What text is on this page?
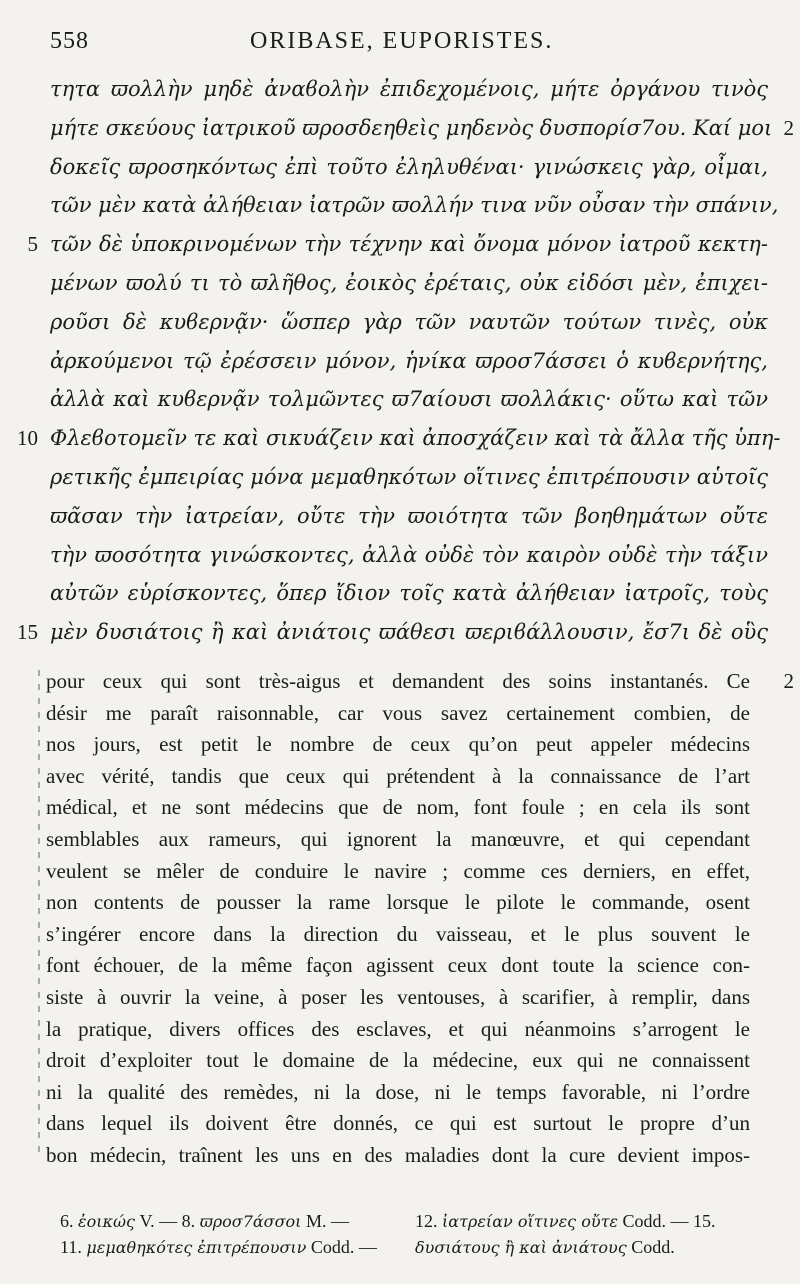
558	ORIBASE, EUPORISTES.
τητα ϖολλὴν μηδὲ ἀναϐολὴν ἐπιδεχομένοις, μήτε ὀργάνου τινὸς
μήτε σκεύους ἰατρικοῦ ϖροσδεηθεὶς μηδενὸς δυσπορίσ7ου. Καί μοι 2
δοκεῖς ϖροσηκόντως ἐπὶ τοῦτο ἐληλυθέναι· γινώσκεις γὰρ, οἶμαι,
τῶν μὲν κατὰ ἀλήθειαν ἰατρῶν ϖολλήν τινα νῦν οὖσαν τὴν σπάνιν,
5 τῶν δὲ ὑποκρινομένων τὴν τέχνην καὶ ὄνομα μόνον ἰατροῦ κεκτη-
μένων ϖολύ τι τὸ ϖλῆθος, ἐοικὸς ἐρέταις, οὐκ εἰδόσι μὲν, ἐπιχει-
ροῦσι δὲ κυϐερνᾷν· ὥσπερ γὰρ τῶν ναυτῶν τούτων τινὲς, οὐκ
ἀρκούμενοι τῷ ἐρέσσειν μόνον, ἡνίκα ϖροσ7άσσει ὁ κυϐερνήτης,
ἀλλὰ καὶ κυϐερνᾷν τολμῶντες ϖ7αίουσι ϖολλάκις· οὕτω καὶ τῶν
10 Φλεϐοτομεῖν τε καὶ σικυάζειν καὶ ἀποσχάζειν καὶ τὰ ἄλλα τῆς ὑπη-
ρετικῆς ἐμπειρίας μόνα μεμαθηκότων οἵτινες ἐπιτρέπουσιν αὑτοῖς
ϖᾶσαν τὴν ἰατρείαν, οὔτε τὴν ϖοιότητα τῶν βοηθημάτων οὔτε
τὴν ϖοσότητα γινώσκοντες, ἀλλὰ οὐδὲ τὸν καιρὸν οὐδὲ τὴν τάξιν
αὐτῶν εὑρίσκοντες, ὅπερ ἴδιον τοῖς κατὰ ἀλήθειαν ἰατροῖς, τοὺς
15 μὲν δυσιάτοις ἢ καὶ ἀνιάτοις ϖάθεσι ϖεριϐάλλουσιν, ἔσ7ι δὲ οὓς
pour ceux qui sont très-aigus et demandent des soins instantanés. Ce 2
désir me paraît raisonnable, car vous savez certainement combien, de
nos jours, est petit le nombre de ceux qu’on peut appeler médecins
avec vérité, tandis que ceux qui prétendent à la connaissance de l’art
médical, et ne sont médecins que de nom, font foule ; en cela ils sont
semblables aux rameurs, qui ignorent la manœuvre, et qui cependant
veulent se mêler de conduire le navire ; comme ces derniers, en effet,
non contents de pousser la rame lorsque le pilote le commande, osent
s’ingérer encore dans la direction du vaisseau, et le plus souvent le
font échouer, de la même façon agissent ceux dont toute la science con-
siste à ouvrir la veine, à poser les ventouses, à scarifier, à remplir, dans
la pratique, divers offices des esclaves, et qui néanmoins s’arrogent le
droit d’exploiter tout le domaine de la médecine, eux qui ne connaissent
ni la qualité des remèdes, ni la dose, ni le temps favorable, ni l’ordre
dans lequel ils doivent être donnés, ce qui est surtout le propre d’un
bon médecin, traînent les uns en des maladies dont la cure devient impos-
6. ἐοικώς V. — 8. ϖροσ7άσσοι M. —	12. ἰατρείαν οἵτινες οὔτε Codd. — 15.
11. μεμαθηκότες ἐπιτρέπουσιν Codd. — δυσιάτους ἢ καὶ ἀνιάτους Codd.
